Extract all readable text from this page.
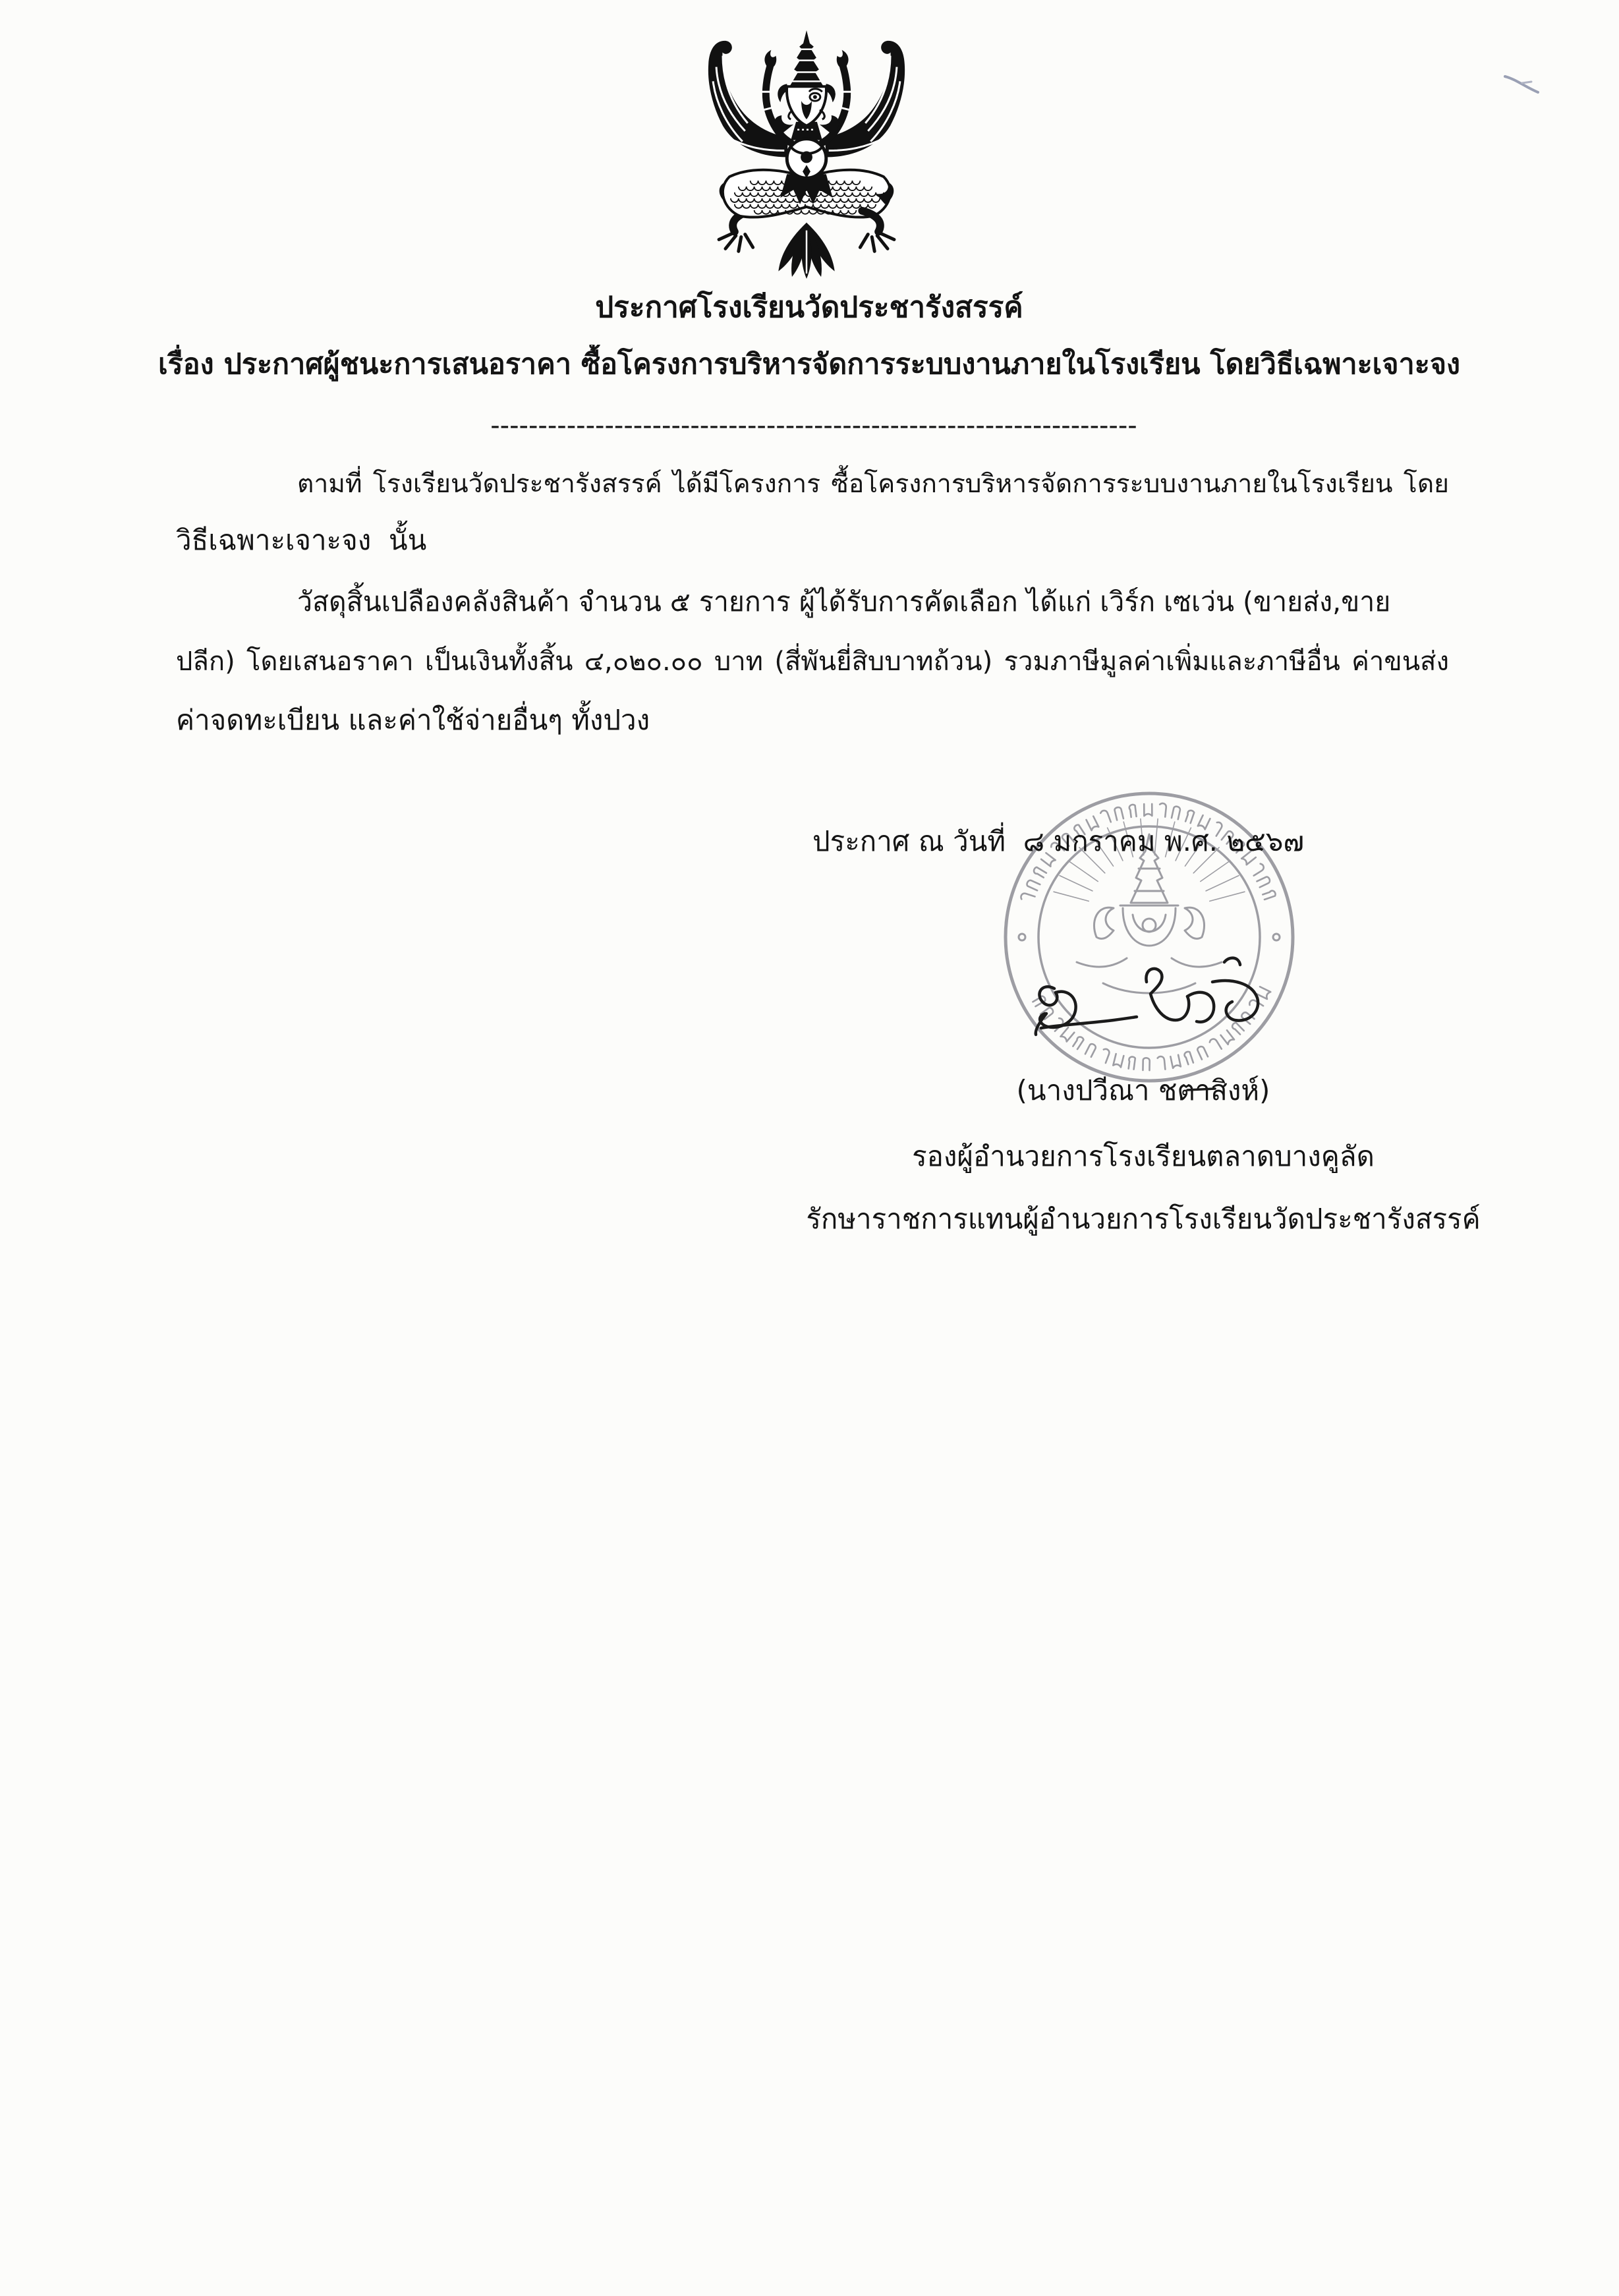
ประกาศโรงเรียนวัดประชารังสรรค์
เรื่อง ประกาศผู้ชนะการเสนอราคา ซื้อโครงการบริหารจัดการระบบงานภายในโรงเรียน โดยวิธีเฉพาะเจาะจง
--------------------------------------------------------------------
ตามที่ โรงเรียนวัดประชารังสรรค์ ได้มีโครงการ ซื้อโครงการบริหารจัดการระบบงานภายในโรงเรียน โดย
วิธีเฉพาะเจาะจง  นั้น
วัสดุสิ้นเปลืองคลังสินค้า จำนวน ๕ รายการ ผู้ได้รับการคัดเลือก ได้แก่ เวิร์ก เซเว่น (ขายส่ง,ขาย
ปลีก) โดยเสนอราคา เป็นเงินทั้งสิ้น ๔,๐๒๐.๐๐ บาท (สี่พันยี่สิบบาทถ้วน) รวมภาษีมูลค่าเพิ่มและภาษีอื่น ค่าขนส่ง
ค่าจดทะเบียน และค่าใช้จ่ายอื่นๆ ทั้งปวง
ประกาศ ณ วันที่  ๘ มกราคม พ.ศ. ๒๕๖๗
(นางปวีณา ชตาสิงห์)
รองผู้อำนวยการโรงเรียนตลาดบางคูลัด
รักษาราชการแทนผู้อำนวยการโรงเรียนวัดประชารังสรรค์
